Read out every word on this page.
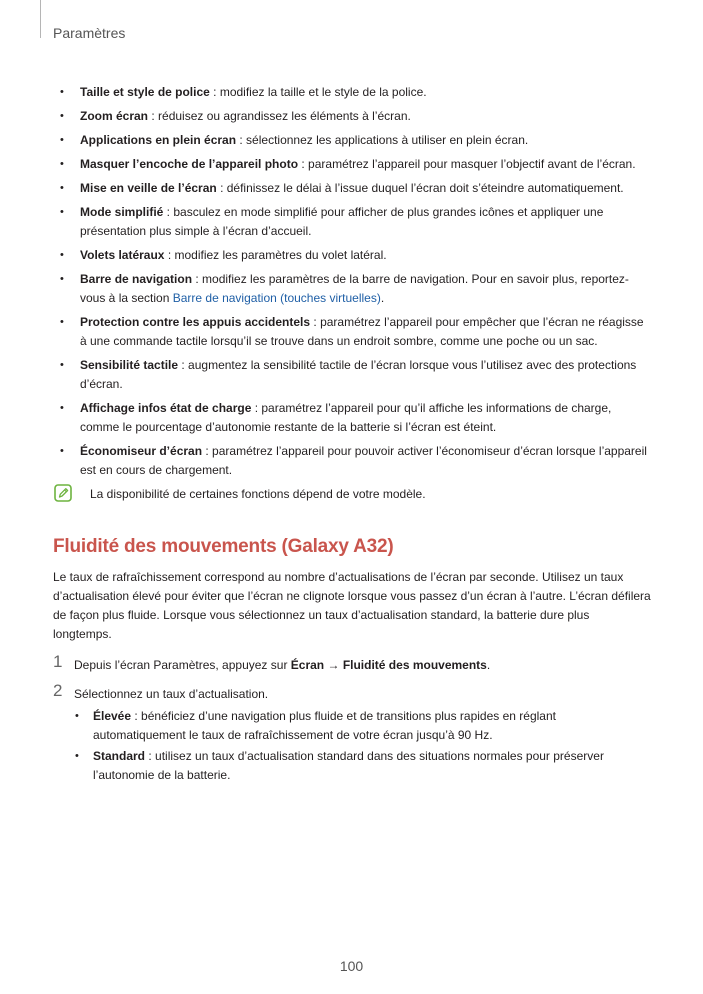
Paramètres
• Taille et style de police : modifiez la taille et le style de la police.
• Zoom écran : réduisez ou agrandissez les éléments à l’écran.
• Applications en plein écran : sélectionnez les applications à utiliser en plein écran.
• Masquer l’encoche de l’appareil photo : paramétrez l’appareil pour masquer l’objectif avant de l’écran.
• Mise en veille de l’écran : définissez le délai à l’issue duquel l’écran doit s’éteindre automatiquement.
• Mode simplifié : basculez en mode simplifié pour afficher de plus grandes icônes et appliquer une présentation plus simple à l’écran d’accueil.
• Volets latéraux : modifiez les paramètres du volet latéral.
• Barre de navigation : modifiez les paramètres de la barre de navigation. Pour en savoir plus, reportez-vous à la section Barre de navigation (touches virtuelles).
• Protection contre les appuis accidentels : paramétrez l’appareil pour empêcher que l’écran ne réagisse à une commande tactile lorsqu’il se trouve dans un endroit sombre, comme une poche ou un sac.
• Sensibilité tactile : augmentez la sensibilité tactile de l’écran lorsque vous l’utilisez avec des protections d’écran.
• Affichage infos état de charge : paramétrez l’appareil pour qu’il affiche les informations de charge, comme le pourcentage d’autonomie restante de la batterie si l’écran est éteint.
• Économiseur d’écran : paramétrez l’appareil pour pouvoir activer l’économiseur d’écran lorsque l’appareil est en cours de chargement.
La disponibilité de certaines fonctions dépend de votre modèle.
Fluidité des mouvements (Galaxy A32)

Le taux de rafraîchissement correspond au nombre d’actualisations de l’écran par seconde. Utilisez un taux d’actualisation élevé pour éviter que l’écran ne clignote lorsque vous passez d’un écran à l’autre. L’écran défilera de façon plus fluide. Lorsque vous sélectionnez un taux d’actualisation standard, la batterie dure plus longtemps.

1 Depuis l’écran Paramètres, appuyez sur Écran → Fluidité des mouvements.
2 Sélectionnez un taux d’actualisation.
• Élevée : bénéficiez d’une navigation plus fluide et de transitions plus rapides en réglant automatiquement le taux de rafraîchissement de votre écran jusqu’à 90 Hz.
• Standard : utilisez un taux d’actualisation standard dans des situations normales pour préserver l’autonomie de la batterie.
100
